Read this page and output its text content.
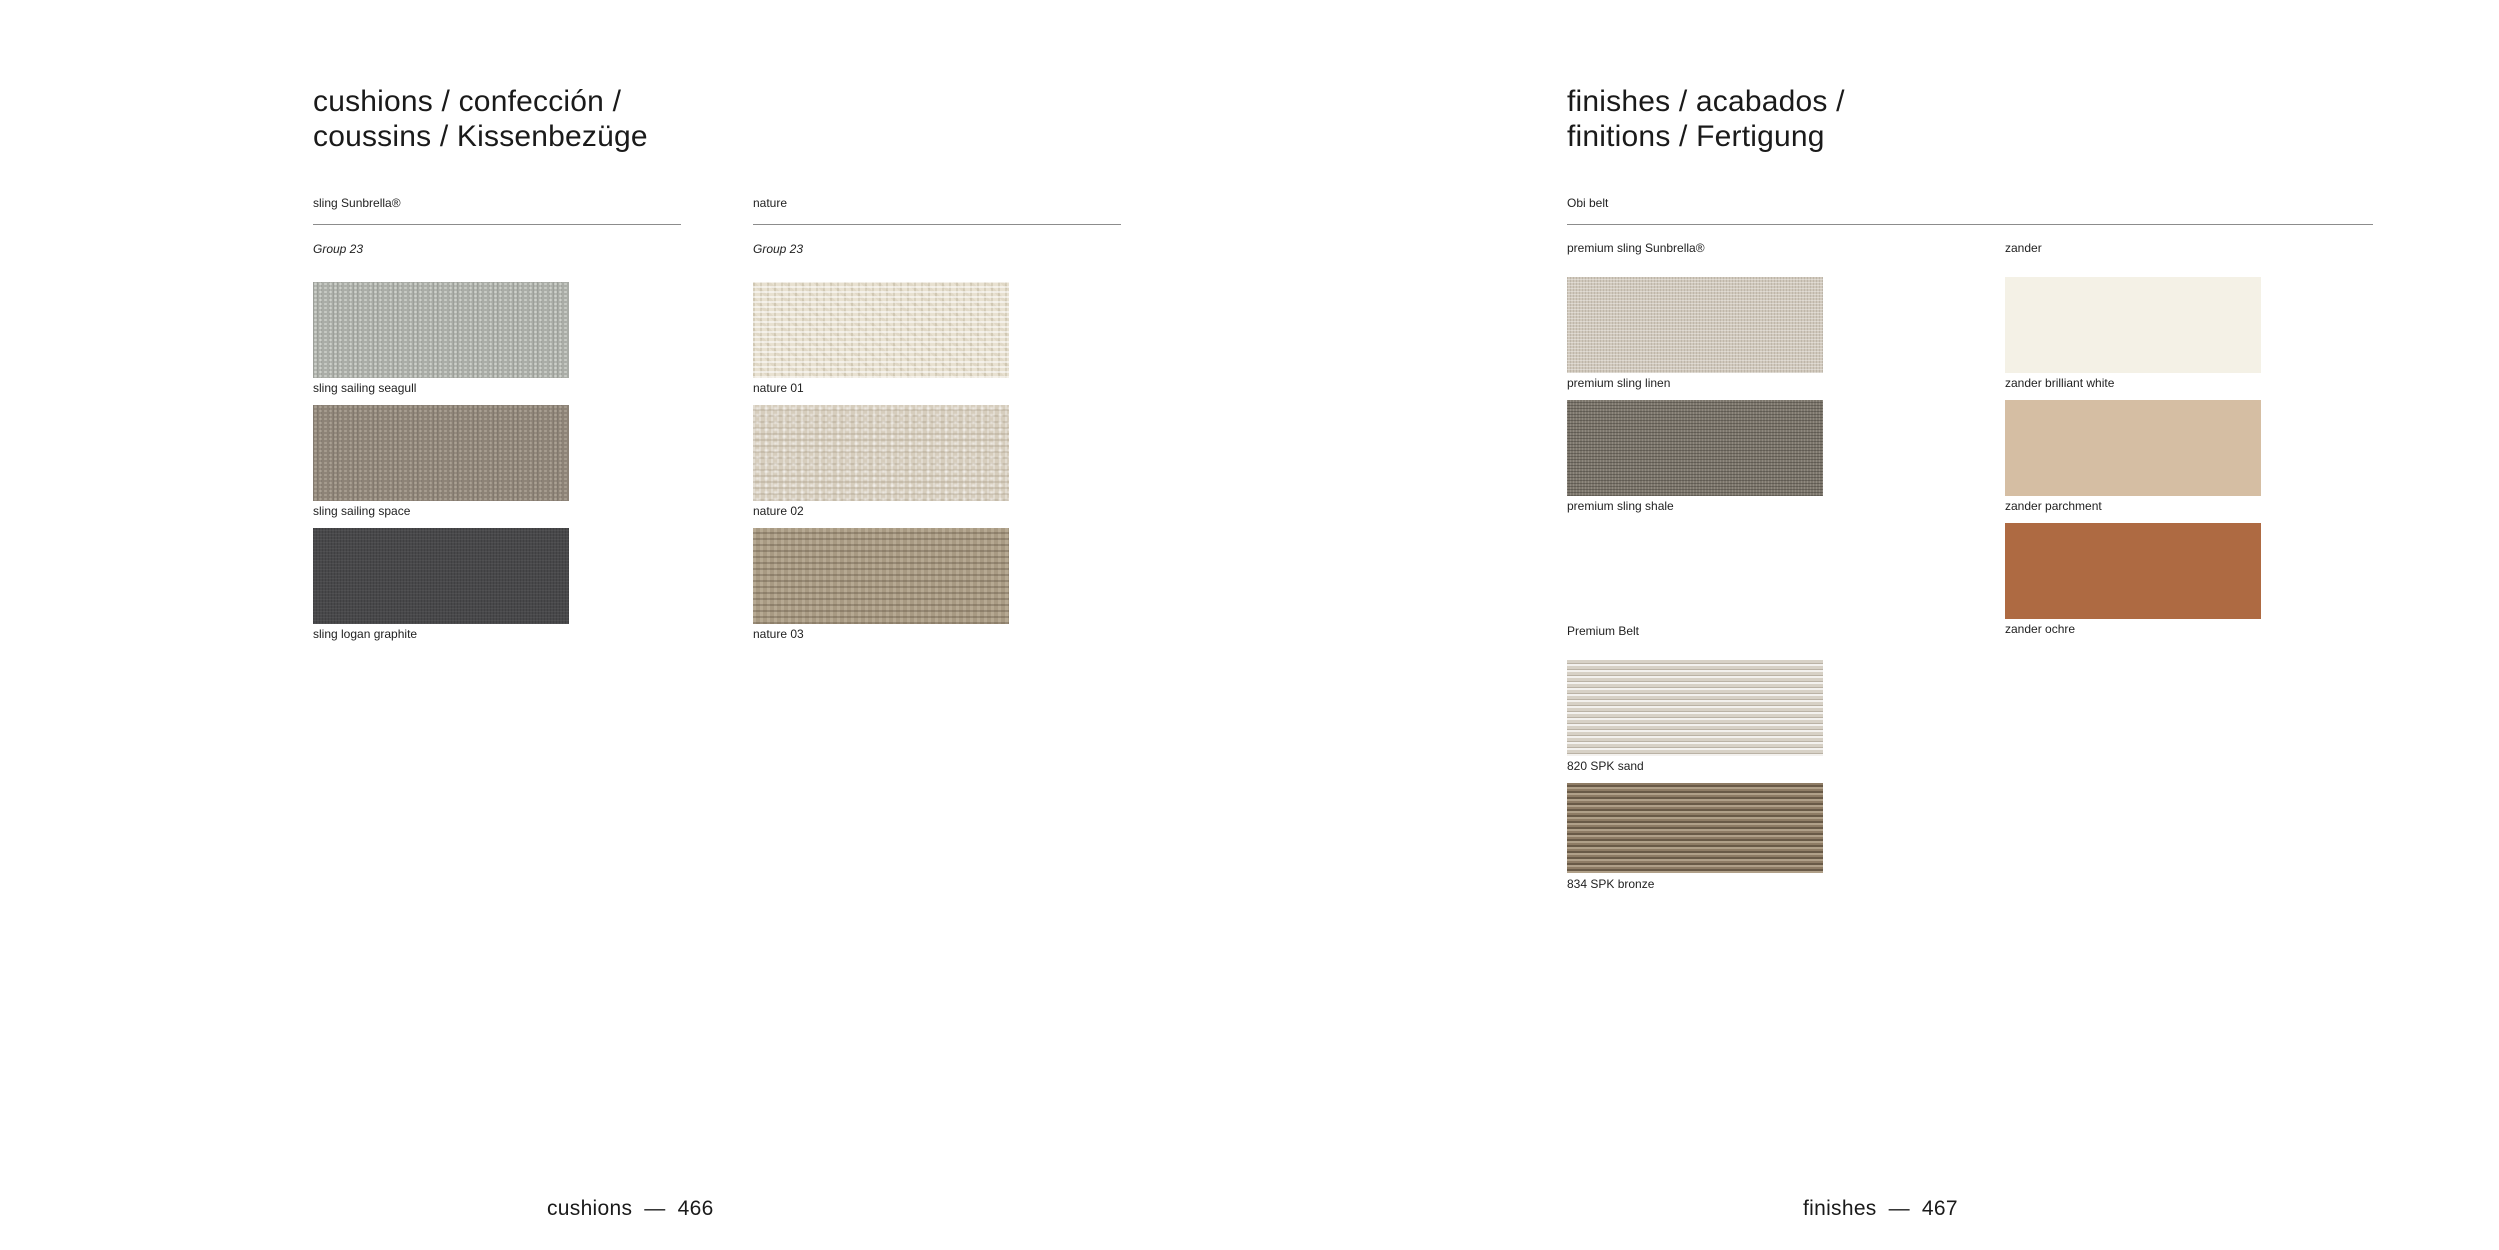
cushions / confección /
coussins / Kissenbezüge
sling Sunbrella®
Group 23
sling sailing seagull
sling sailing space
sling logan graphite
nature
Group 23
nature 01
nature 02
nature 03
cushions — 466
finishes / acabados /
finitions / Fertigung
Obi belt
premium sling Sunbrella®
premium sling linen
premium sling shale
zander
zander brilliant white
zander parchment
zander ochre
Premium Belt
820 SPK sand
834 SPK bronze
finishes — 467
